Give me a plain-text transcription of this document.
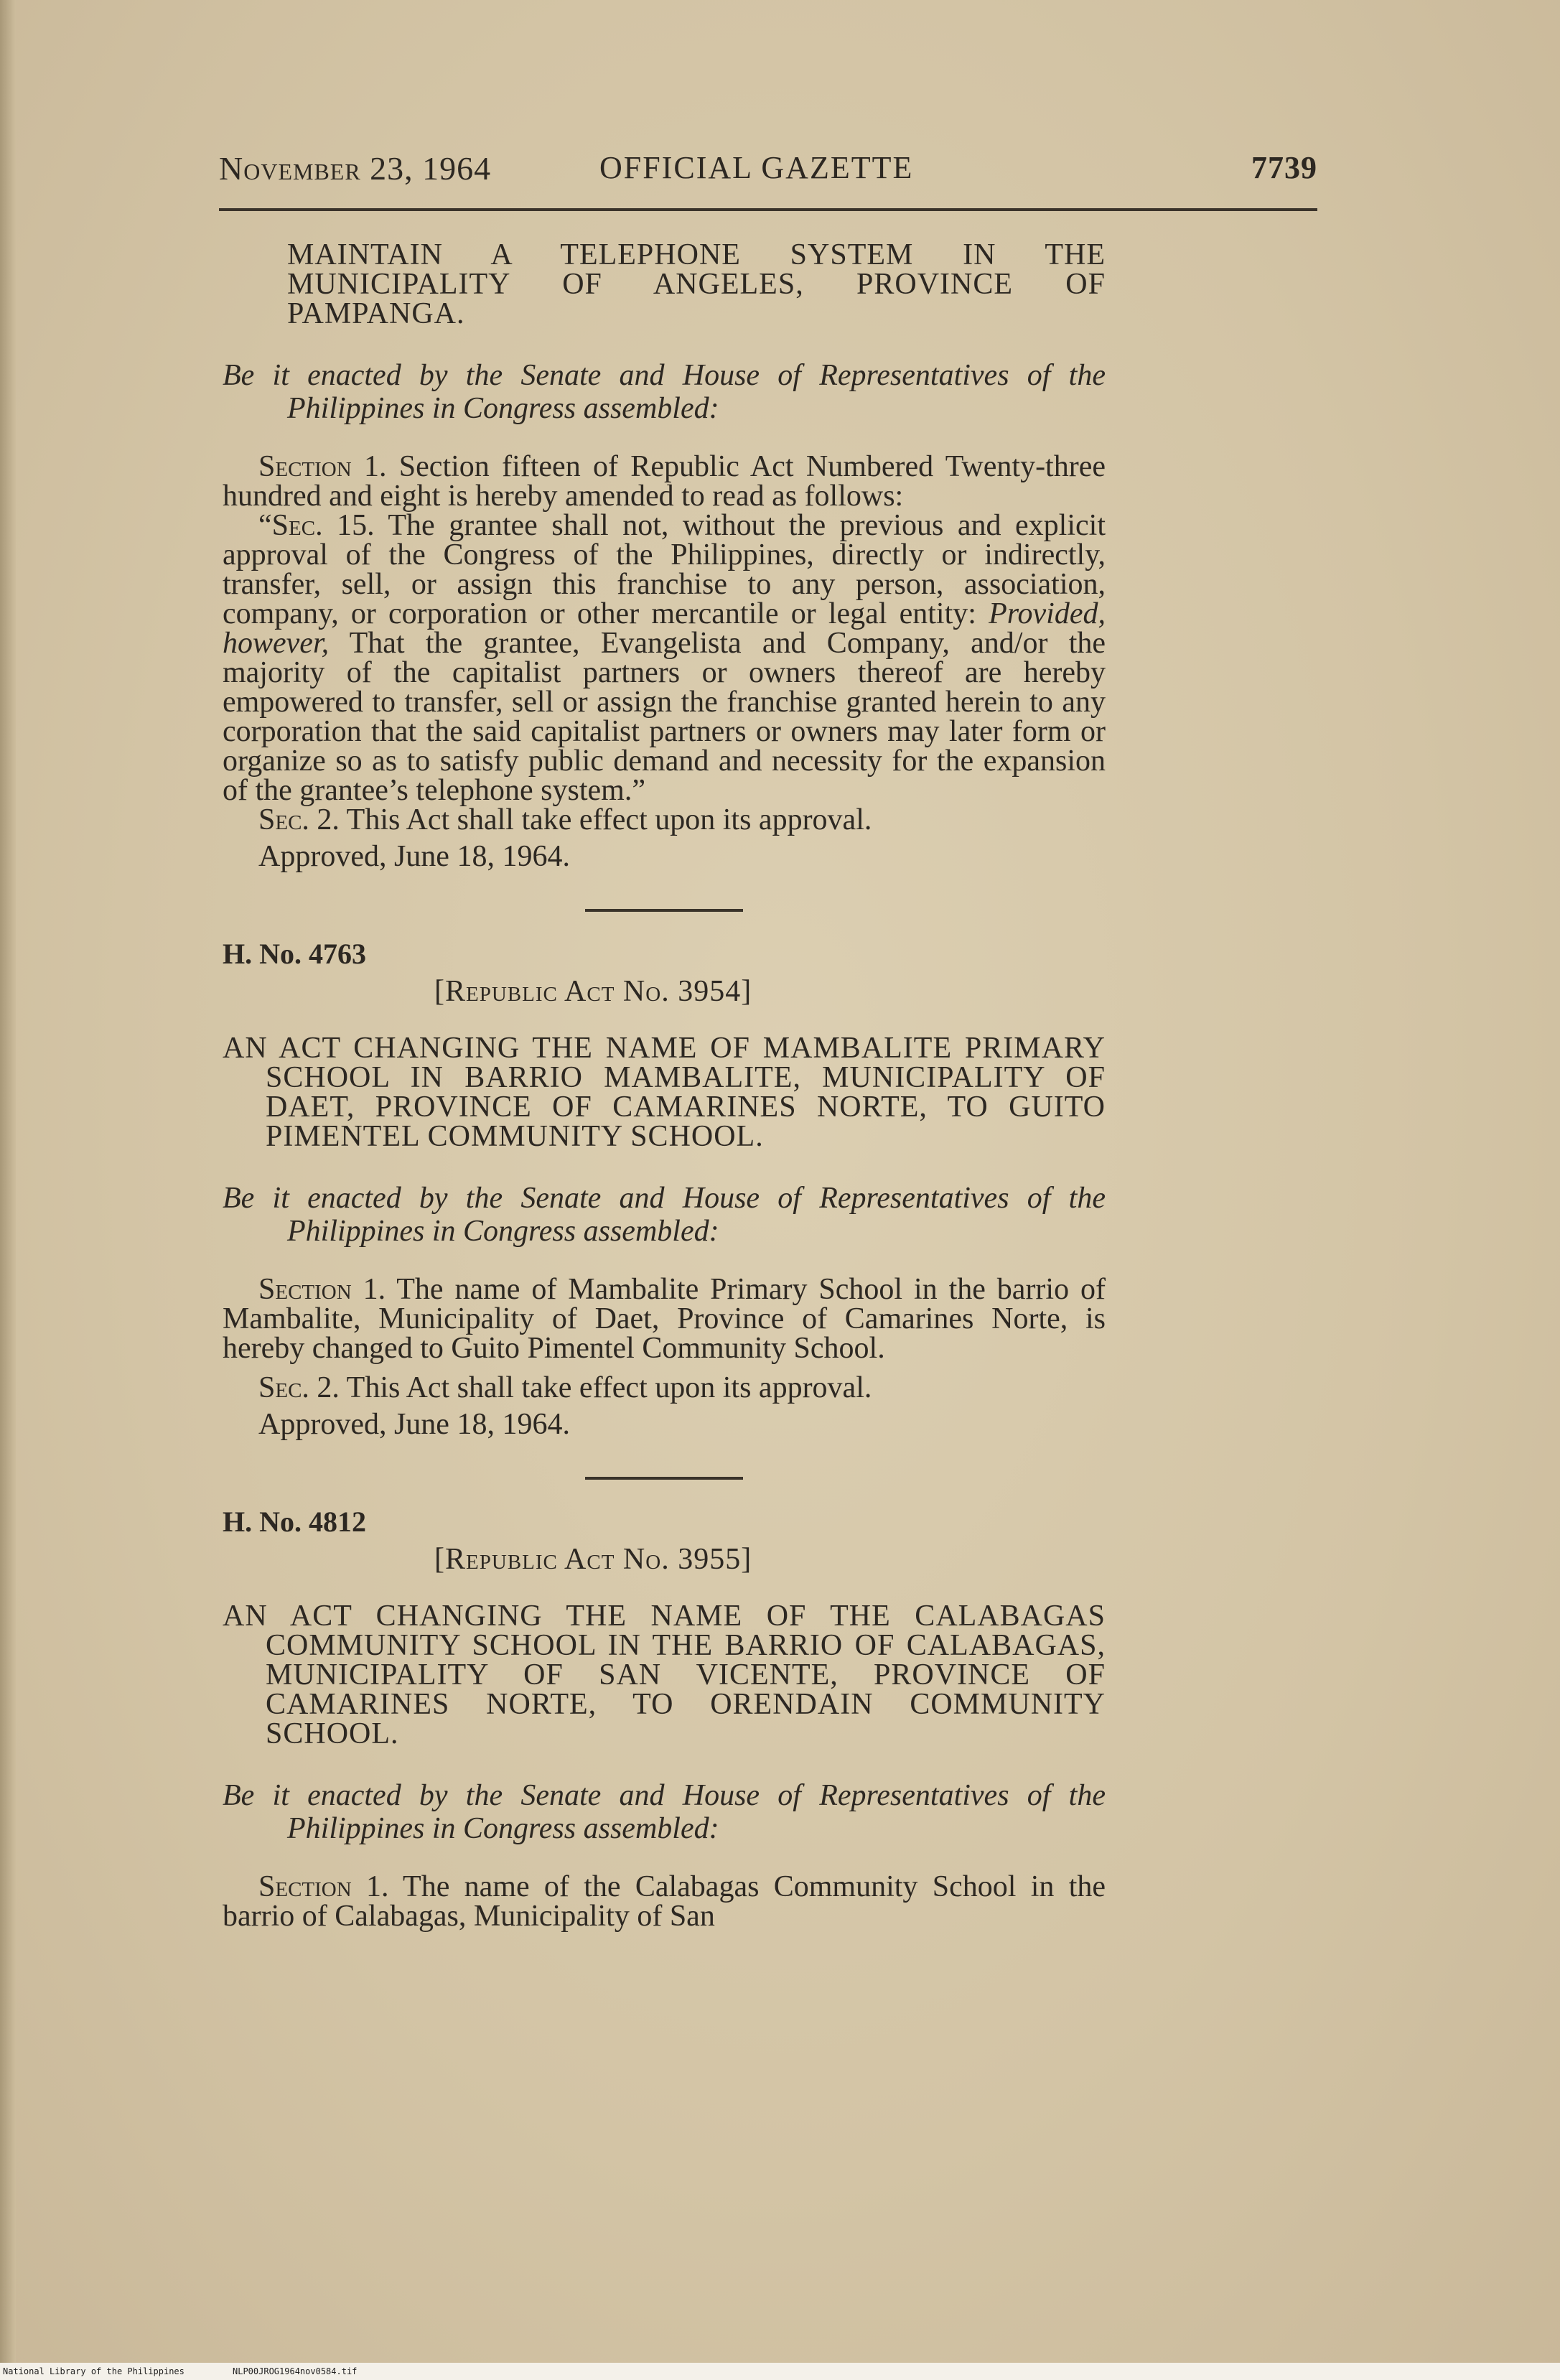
November 23, 1964	OFFICIAL GAZETTE	7739

MAINTAIN A TELEPHONE SYSTEM IN THE MUNICIPALITY OF ANGELES, PROVINCE OF PAMPANGA.

Be it enacted by the Senate and House of Representatives of the Philippines in Congress assembled:

Section 1. Section fifteen of Republic Act Numbered Twenty-three hundred and eight is hereby amended to read as follows:

“Sec. 15. The grantee shall not, without the previous and explicit approval of the Congress of the Philippines, directly or indirectly, transfer, sell, or assign this franchise to any person, association, company, or corporation or other mercantile or legal entity: Provided, however, That the grantee, Evangelista and Company, and/or the majority of the capitalist partners or owners thereof are hereby empowered to transfer, sell or assign the franchise granted herein to any corporation that the said capitalist partners or owners may later form or organize so as to satisfy public demand and necessity for the expansion of the grantee’s telephone system.”

Sec. 2. This Act shall take effect upon its approval.

Approved, June 18, 1964.

H. No. 4763

[Republic Act No. 3954]

AN ACT CHANGING THE NAME OF MAMBALITE PRIMARY SCHOOL IN BARRIO MAMBALITE, MUNICIPALITY OF DAET, PROVINCE OF CAMARINES NORTE, TO GUITO PIMENTEL COMMUNITY SCHOOL.

Be it enacted by the Senate and House of Representatives of the Philippines in Congress assembled:

Section 1. The name of Mambalite Primary School in the barrio of Mambalite, Municipality of Daet, Province of Camarines Norte, is hereby changed to Guito Pimentel Community School.

Sec. 2. This Act shall take effect upon its approval.

Approved, June 18, 1964.

H. No. 4812

[Republic Act No. 3955]

AN ACT CHANGING THE NAME OF THE CALABAGAS COMMUNITY SCHOOL IN THE BARRIO OF CALABAGAS, MUNICIPALITY OF SAN VICENTE, PROVINCE OF CAMARINES NORTE, TO ORENDAIN COMMUNITY SCHOOL.

Be it enacted by the Senate and House of Representatives of the Philippines in Congress assembled:

Section 1. The name of the Calabagas Community School in the barrio of Calabagas, Municipality of San

National Library of the Philippines	NLP00JROG1964nov0584.tif
